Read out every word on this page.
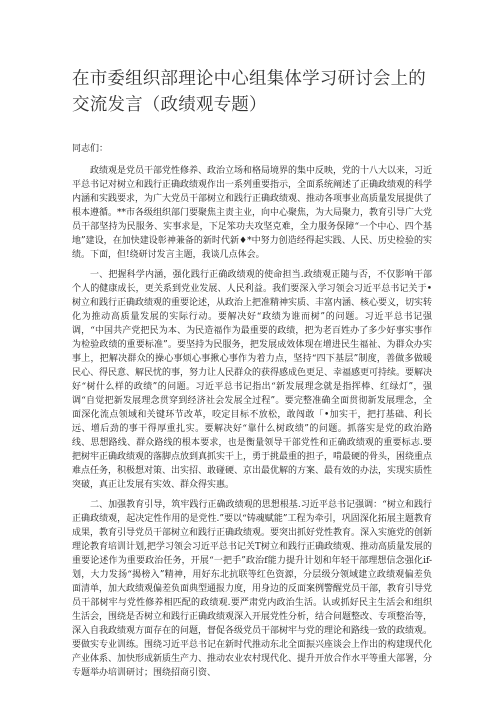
在市委组织部理论中心组集体学习研讨会上的交流发言（政绩观专题）

同志们：

政绩观是党员干部党性修养、政治立场和格局境界的集中反映，党的十八大以来，习近平总书记对树立和践行正确政绩观作出一系列重要指示，全面系统阐述了正确政绩观的科学内涵和实践要求，为广大党员干部树立和践行正确政绩观、推动各项事业高质量发展提供了根本遵循。**市各级组织部门要聚焦主责主业，向中心聚焦，为大局聚力，教育引导广大党员干部坚持为民服务、实事求是，下足笨功夫攻坚克难，全力服务保障“一个中心、四个基地”建设，在加快建设彰神兼备的新时代新♦*中努力创造经得起实践、人民、历史检验的实绩。下面，但!绕研讨发言主题，我谈几点体会。

一、把握科学内涵，强化践行正确政绩观的使命担当.政绩观正随与否，不仅影响干部个人的健康成长，更关系到党业发展、人民利益。我们要深入学习领会习近平总书记关于•树立和践行正确政绩观的重要论述，从政治上把准精神实质、丰富内涵、核心要义，切实转化为推动高质量发展的实际行动。要解决好“政绩为谁而树”的问题。习近平总书记强调，“中国共产党把民为本、为民造福作为最重要的政绩，把为老百姓办了多少好事实事作为检验政绩的重要标准”。要坚持为民服务，把发展成效体现在增进民生福祉、为群众办实事上，把解决群众的操心事烦心事揪心事作为着力点，坚持“四下基层”制度，善做多做暖民心、得民意、解民忧的事，努力让人民群众的获得感成色更足、幸福感更可持续。要解决好“树什么样的政绩”的问题。习近平总书记指出“新发展理念就是指挥棒、红绿灯”，强调“自觉把新发展理念贯穿到经济社会发展全过程”。要完整准确全面贯彻新发展理念，全面深化流点领域和关键环节改革，咬定目标不放松，敢闯敢「•加实干，把打基础、利长远、增后劲的事干得厚重扎实。要解决好“靠什么树政绩”的问题。抓落实是党的政治路线、思想路线、群众路线的根本要求，也是衡量领导干部党性和正确政绩观的重要标志.要把树牢正确政绩观的落脚点放到真抓实干上，勇于挑最重的担子，啃最硬的骨头，困绕重点难点任务，积极想对策、出实招、敢碰硬、京出最优解的方案、最有效的办法，实现实质性突破，真正让发展有实效、群众得实惠。

二、加强教育引导，筑牢践行正确政绩观的思想根基.习近平总书记强调：“树立和践行正确政绩观，起决定性作用的是党性.”要以“铸魂赋能”工程为牵引，巩固深化拓展主题教育成果，教育引导党员干部树立和践行正确政绩观。要突出抓好党性教育。深入实施党的创新理论教育培训计划,把学习领会习近平总书记关T树立和践行正确政绩观、推动高质量发展的重要论述作为重要政治任务，开展“一把手”政治f能力提升计划和年轻干部理想信念强化if-划，大力发扬“揭榜入”精神，用好东北抗联等红色资源，分层级分领域建立政绩观偏差负面清单，加大政绩观偏差负面典型通报力度，用身边的反面案例警醒党员干部，教育引导党员干部树牢与党性修养相匹配的政绩观.要严肃党内政治生活。认或抓好民主生活会和组织生活会，围绕是否树立和践行正确政绩观深入开展党性分析，结合问题整改、专项整治等，深入自我政绩观方面存在的问题，督促各级党员干部树牢与党的理论和路线一致的政绩观。要做实专业训练。围绕习近平总书记在新时代推动东北全面振兴座谈会上作出的构建现代化产业体系、加快形成新质生产力、推动农业农村现代化、提升开放合作水平等重大部署，分专题举办培训研讨；围绕招商引资、
